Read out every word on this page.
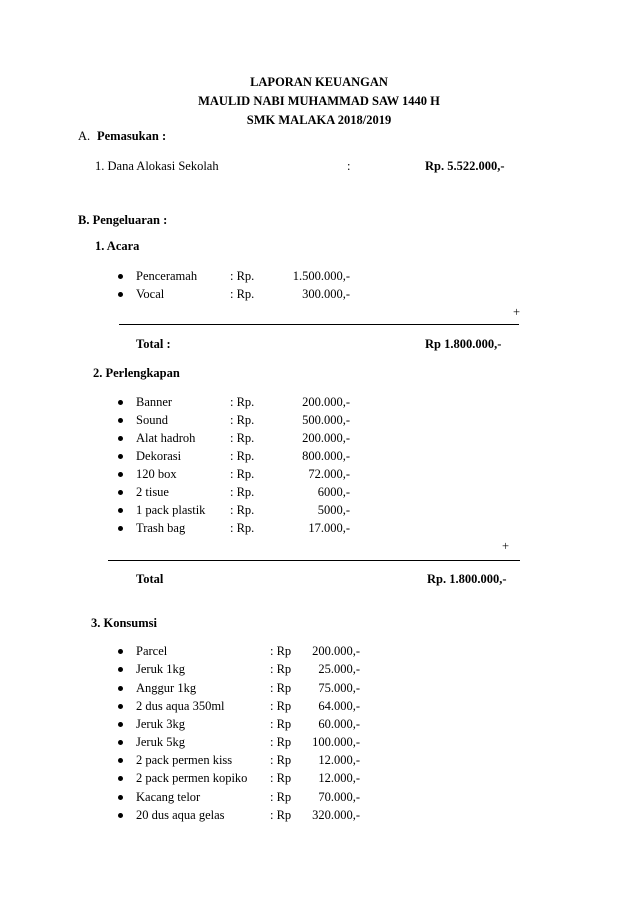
LAPORAN KEUANGAN
MAULID NABI MUHAMMAD SAW 1440 H
SMK MALAKA 2018/2019
A. Pemasukan :
1. Dana Alokasi Sekolah	:	Rp. 5.522.000,-
B. Pengeluaran :
1. Acara
Penceramah	: Rp.	1.500.000,-
Vocal	: Rp.	300.000,-
+
Total :	Rp 1.800.000,-
2. Perlengkapan
Banner	: Rp.	200.000,-
Sound	: Rp.	500.000,-
Alat hadroh	: Rp.	200.000,-
Dekorasi	: Rp.	800.000,-
120 box	: Rp.	72.000,-
2 tisue	: Rp.	6000,-
1 pack plastik : Rp.	5000,-
Trash bag	: Rp.	17.000,-
+
Total	Rp. 1.800.000,-
3. Konsumsi
Parcel	: Rp	200.000,-
Jeruk 1kg	: Rp	25.000,-
Anggur 1kg	: Rp	75.000,-
2 dus aqua 350ml	: Rp	64.000,-
Jeruk 3kg	: Rp	60.000,-
Jeruk 5kg	: Rp	100.000,-
2 pack permen kiss	: Rp	12.000,-
2 pack permen kopiko : Rp	12.000,-
Kacang telor	: Rp	70.000,-
20 dus aqua gelas	: Rp	320.000,-
